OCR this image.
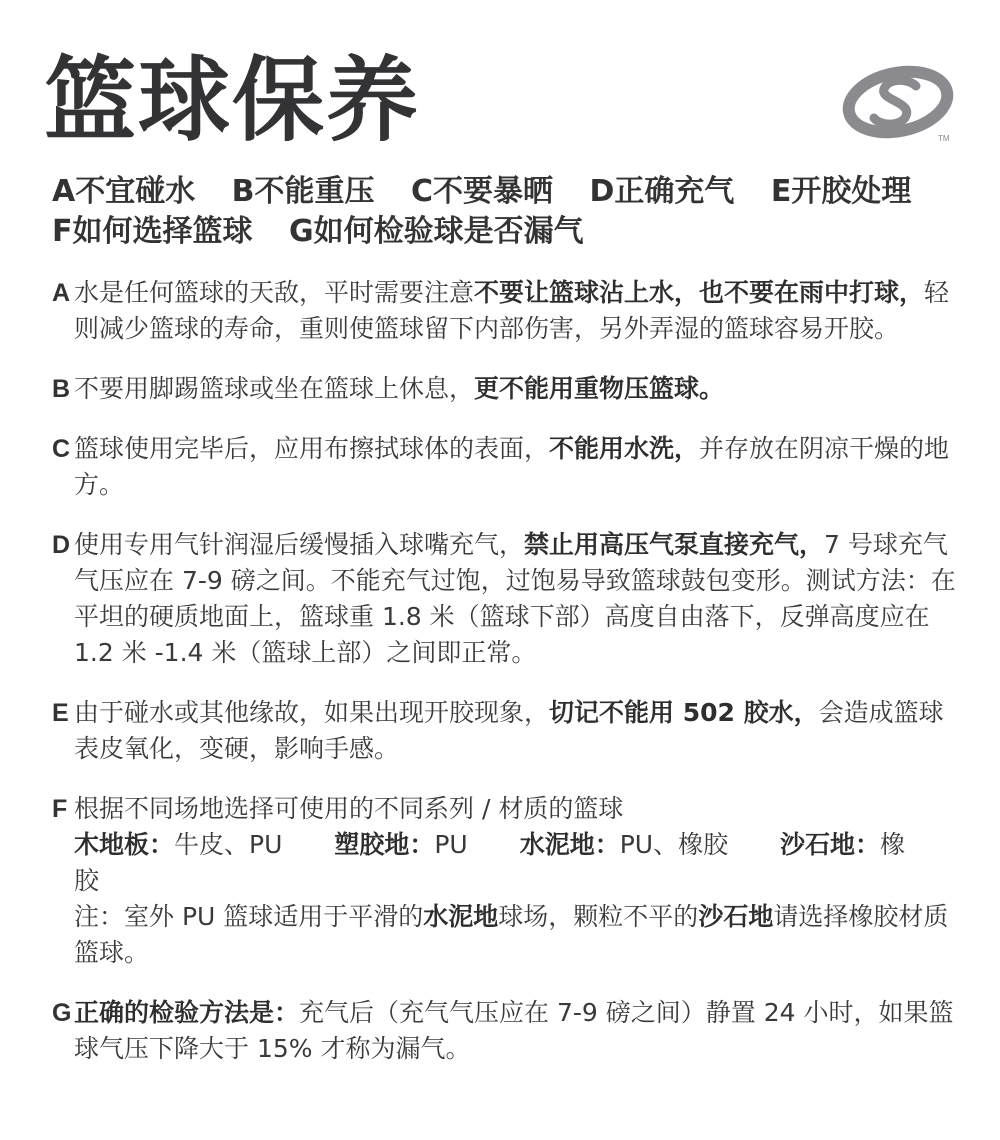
篮球保养	TM
A不宜碰水 B不能重压 C不要暴晒 D正确充气 E开胶处理
F如何选择篮球 G如何检验球是否漏气
A 水是任何篮球的天敌，平时需要注意不要让篮球沾上水，也不要在雨中打球，轻则减少篮球的寿命，重则使篮球留下内部伤害，另外弄湿的篮球容易开胶。
B 不要用脚踢篮球或坐在篮球上休息，更不能用重物压篮球。
C 篮球使用完毕后，应用布擦拭球体的表面，不能用水洗，并存放在阴凉干燥的地方。
D 使用专用气针润湿后缓慢插入球嘴充气，禁止用高压气泵直接充气，7 号球充气气压应在 7-9 磅之间。不能充气过饱，过饱易导致篮球鼓包变形。测试方法：在平坦的硬质地面上，篮球重 1.8 米（篮球下部）高度自由落下，反弹高度应在 1.2 米 -1.4 米（篮球上部）之间即正常。
E 由于碰水或其他缘故，如果出现开胶现象，切记不能用 502 胶水，会造成篮球表皮氧化，变硬，影响手感。
F 根据不同场地选择可使用的不同系列 / 材质的篮球
木地板：牛皮、PU 塑胶地：PU 水泥地：PU、橡胶 沙石地：橡胶
注：室外 PU 篮球适用于平滑的水泥地球场，颗粒不平的沙石地请选择橡胶材质篮球。
G 正确的检验方法是：充气后（充气气压应在 7-9 磅之间）静置 24 小时，如果篮球气压下降大于 15% 才称为漏气。
